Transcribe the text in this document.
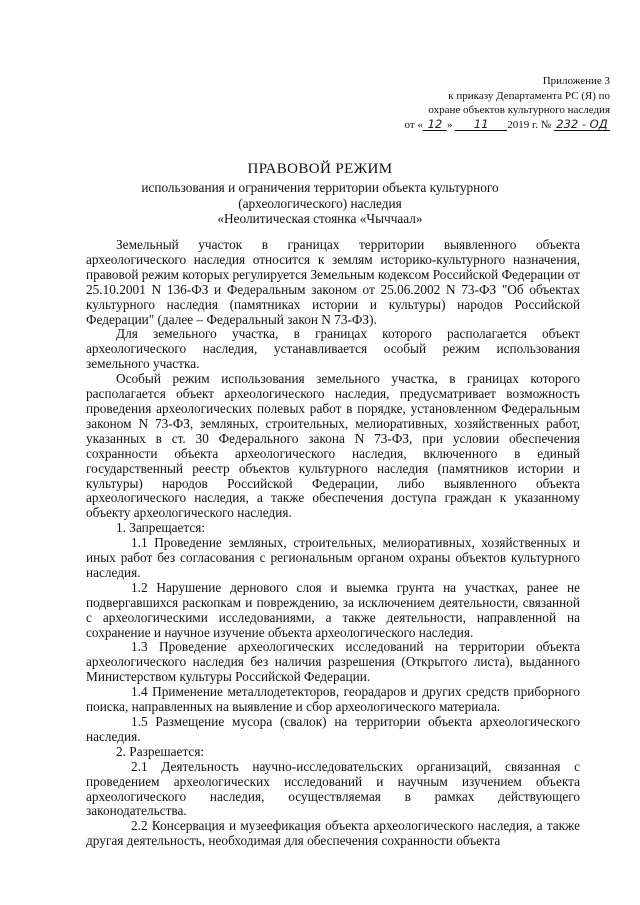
Приложение 3
к приказу Департамента РС (Я) по
охране объектов культурного наследия
от « 12 » 11 2019 г. № 232 - ОД
ПРАВОВОЙ РЕЖИМ
использования и ограничения территории объекта культурного
(археологического) наследия
«Неолитическая стоянка «Чыччаал»

Земельный участок в границах территории выявленного объекта археологического наследия относится к землям историко-культурного назначения, правовой режим которых регулируется Земельным кодексом Российской Федерации от 25.10.2001 N 136-ФЗ и Федеральным законом от 25.06.2002 N 73-ФЗ "Об объектах культурного наследия (памятниках истории и культуры) народов Российской Федерации" (далее – Федеральный закон N 73-ФЗ).

Для земельного участка, в границах которого располагается объект археологического наследия, устанавливается особый режим использования земельного участка.

Особый режим использования земельного участка, в границах которого располагается объект археологического наследия, предусматривает возможность проведения археологических полевых работ в порядке, установленном Федеральным законом N 73-ФЗ, земляных, строительных, мелиоративных, хозяйственных работ, указанных в ст. 30 Федерального закона N 73-ФЗ, при условии обеспечения сохранности объекта археологического наследия, включенного в единый государственный реестр объектов культурного наследия (памятников истории и культуры) народов Российской Федерации, либо выявленного объекта археологического наследия, а также обеспечения доступа граждан к указанному объекту археологического наследия.

1. Запрещается:

1.1 Проведение земляных, строительных, мелиоративных, хозяйственных и иных работ без согласования с региональным органом охраны объектов культурного наследия.

1.2 Нарушение дернового слоя и выемка грунта на участках, ранее не подвергавшихся раскопкам и повреждению, за исключением деятельности, связанной с археологическими исследованиями, а также деятельности, направленной на сохранение и научное изучение объекта археологического наследия.

1.3 Проведение археологических исследований на территории объекта археологического наследия без наличия разрешения (Открытого листа), выданного Министерством культуры Российской Федерации.

1.4 Применение металлодетекторов, георадаров и других средств приборного поиска, направленных на выявление и сбор археологического материала.

1.5 Размещение мусора (свалок) на территории объекта археологического наследия.

2. Разрешается:

2.1 Деятельность научно-исследовательских организаций, связанная с проведением археологических исследований и научным изучением объекта археологического наследия, осуществляемая в рамках действующего законодательства.

2.2 Консервация и музеефикация объекта археологического наследия, а также другая деятельность, необходимая для обеспечения сохранности объекта
